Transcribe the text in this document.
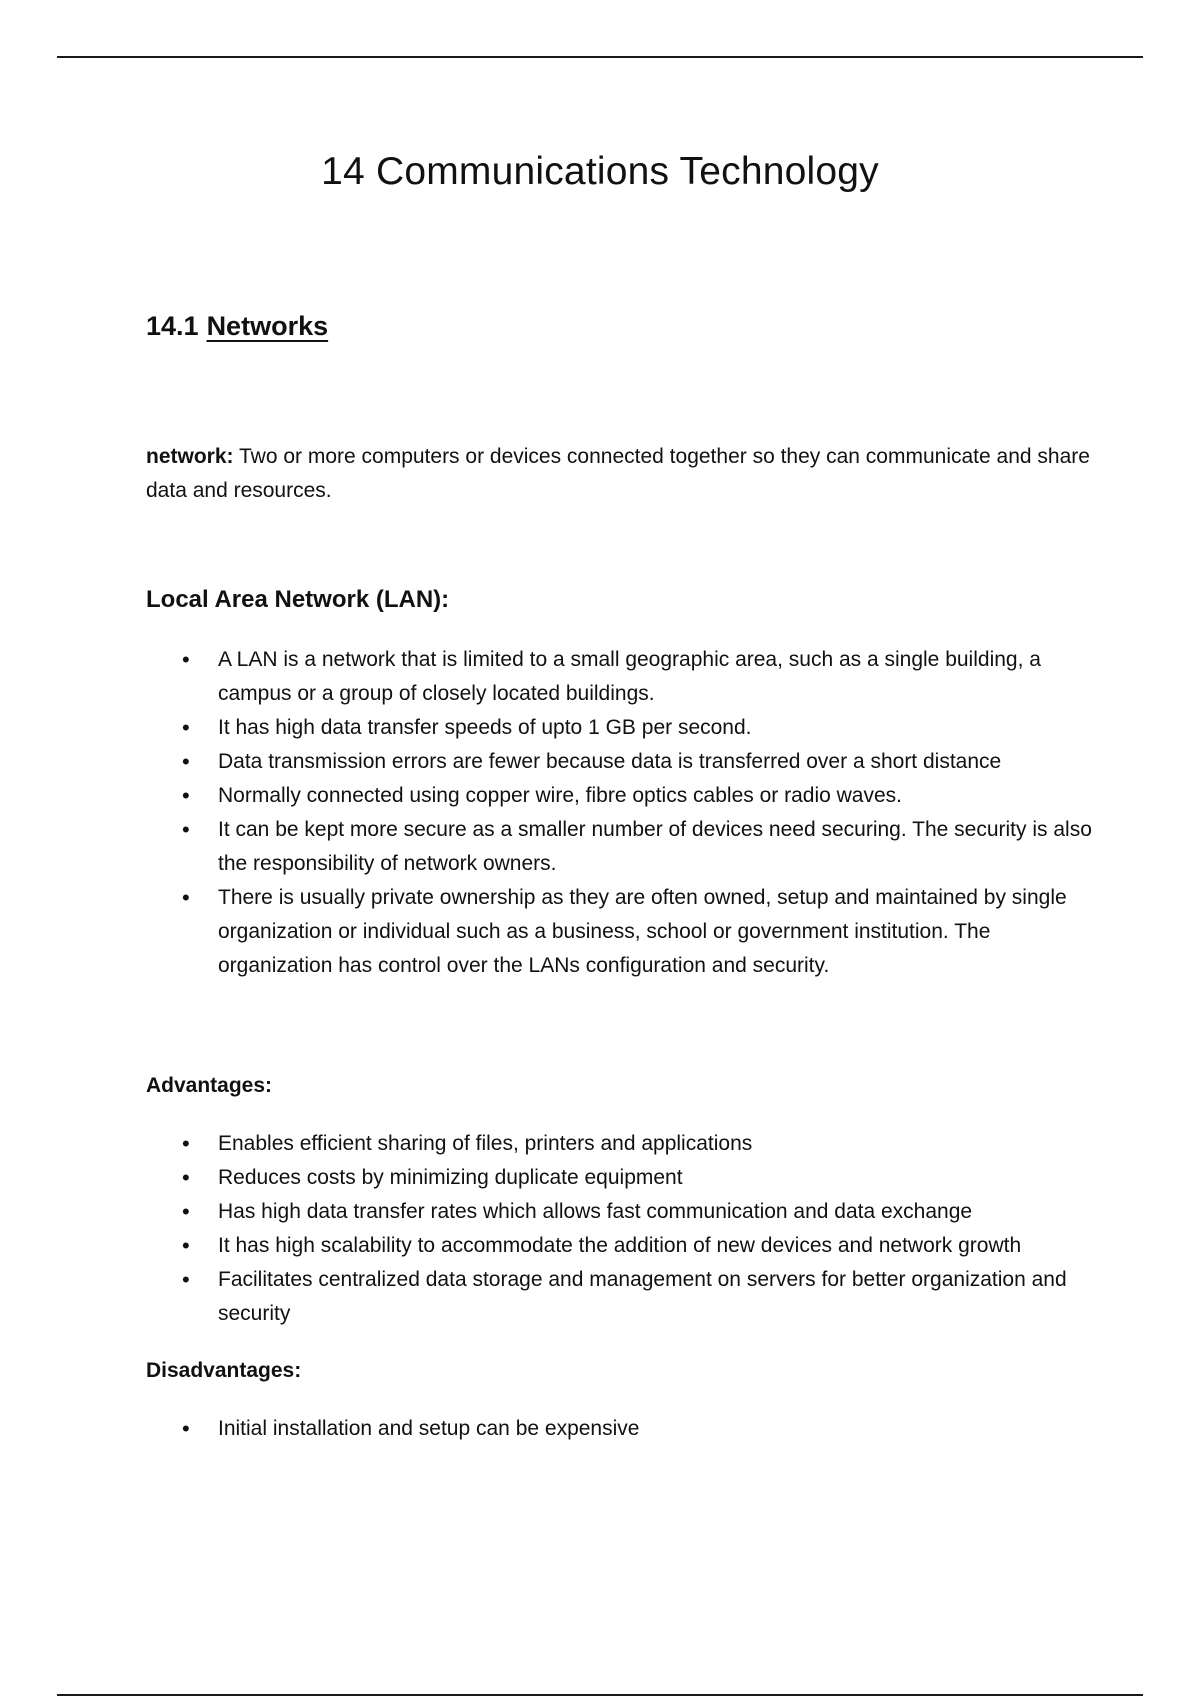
14 Communications Technology
14.1 Networks

network: Two or more computers or devices connected together so they can communicate and share data and resources.

Local Area Network (LAN):
• A LAN is a network that is limited to a small geographic area, such as a single building, a campus or a group of closely located buildings.
• It has high data transfer speeds of upto 1 GB per second.
• Data transmission errors are fewer because data is transferred over a short distance
• Normally connected using copper wire, fibre optics cables or radio waves.
• It can be kept more secure as a smaller number of devices need securing. The security is also the responsibility of network owners.
• There is usually private ownership as they are often owned, setup and maintained by single organization or individual such as a business, school or government institution. The organization has control over the LANs configuration and security.
Advantages:
• Enables efficient sharing of files, printers and applications
• Reduces costs by minimizing duplicate equipment
• Has high data transfer rates which allows fast communication and data exchange
• It has high scalability to accommodate the addition of new devices and network growth
• Facilitates centralized data storage and management on servers for better organization and security
Disadvantages:
• Initial installation and setup can be expensive
